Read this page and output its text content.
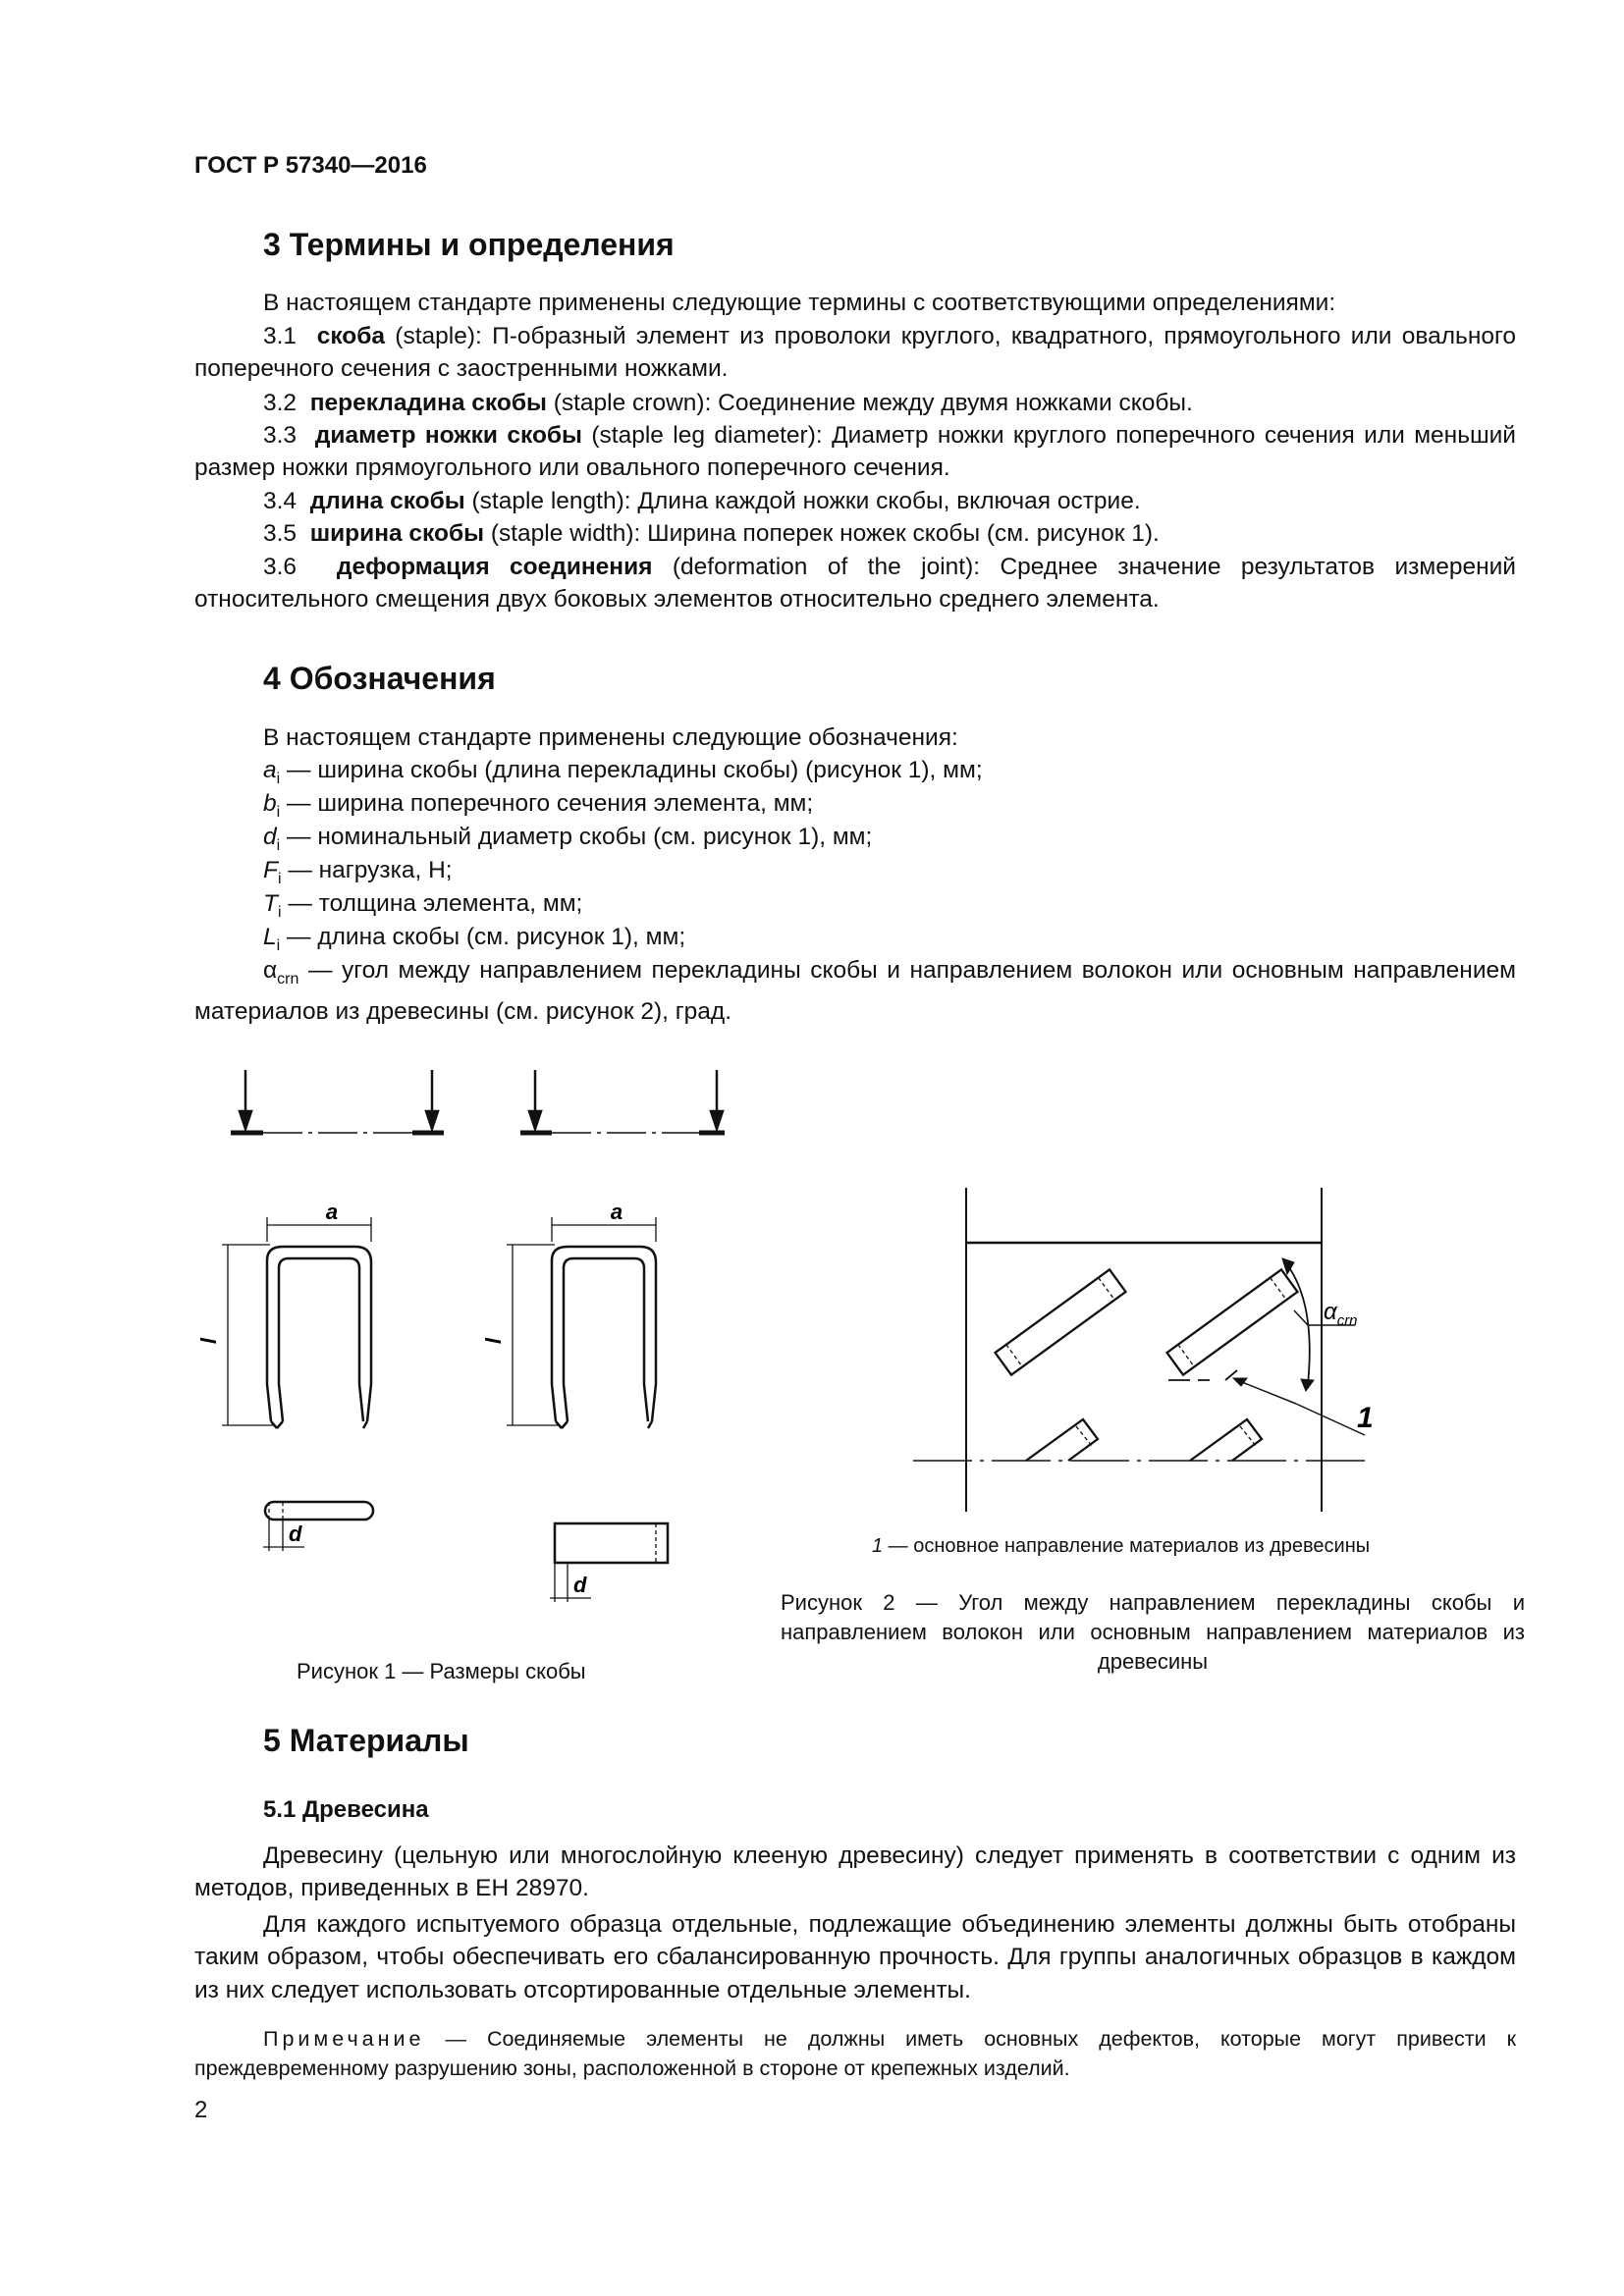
ГОСТ Р 57340—2016
3 Термины и определения
В настоящем стандарте применены следующие термины с соответствующими определениями:

3.1 скоба (staple): П-образный элемент из проволоки круглого, квадратного, прямоугольного или овального поперечного сечения с заостренными ножками.

3.2 перекладина скобы (staple crown): Соединение между двумя ножками скобы.

3.3 диаметр ножки скобы (staple leg diameter): Диаметр ножки круглого поперечного сечения или меньший размер ножки прямоугольного или овального поперечного сечения.

3.4 длина скобы (staple length): Длина каждой ножки скобы, включая острие.

3.5 ширина скобы (staple width): Ширина поперек ножек скобы (см. рисунок 1).

3.6 деформация соединения (deformation of the joint): Среднее значение результатов измерений относительного смещения двух боковых элементов относительно среднего элемента.

4 Обозначения
В настоящем стандарте применены следующие обозначения:
$a_i$ — ширина скобы (длина перекладины скобы) (рисунок 1), мм;
$b_i$ — ширина поперечного сечения элемента, мм;
$d_i$ — номинальный диаметр скобы (см. рисунок 1), мм;
$F_i$ — нагрузка, Н;
$T_i$ — толщина элемента, мм;
$L_i$ — длина скобы (см. рисунок 1), мм;

$\alpha_{crn}$ — угол между направлением перекладины скобы и направлением волокон или основным направлением материалов из древесины (см. рисунок 2), град.

a	a
l	l
d
d
Рисунок 1 — Размеры скобы
$\alpha_{crn}$
1
1 — основное направление материалов из древесины
Рисунок 2 — Угол между направлением перекладины скобы и направлением волокон или основным направлением материалов из древесины
5 Материалы
5.1 Древесина

Древесину (цельную или многослойную клееную древесину) следует применять в соответствии с одним из методов, приведенных в ЕН 28970.

Для каждого испытуемого образца отдельные, подлежащие объединению элементы должны быть отобраны таким образом, чтобы обеспечивать его сбалансированную прочность. Для группы аналогичных образцов в каждом из них следует использовать отсортированные отдельные элементы.

Примечание — Соединяемые элементы не должны иметь основных дефектов, которые могут привести к преждевременному разрушению зоны, расположенной в стороне от крепежных изделий.
2
